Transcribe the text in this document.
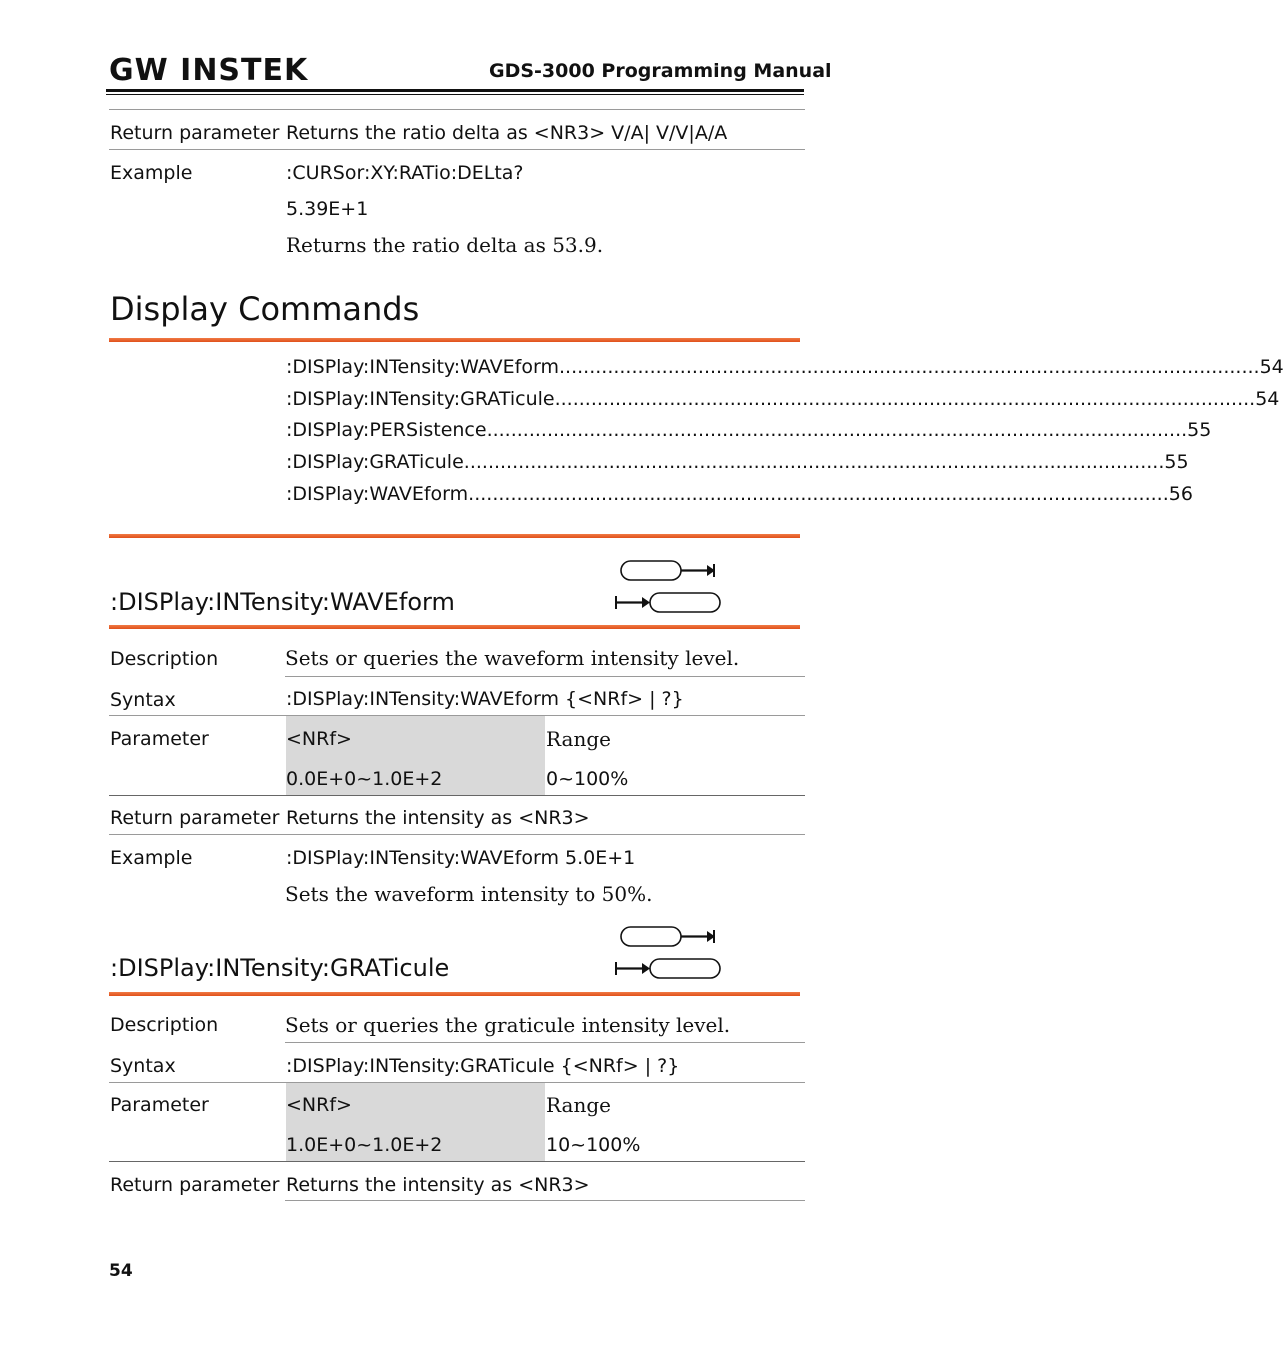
GW INSTEK	GDS-3000 Programming Manual
Return parameter Returns the ratio delta as <NR3> V/A| V/V|A/A
Example	:CURSor:XY:RATio:DELta?
5.39E+1
Returns the ratio delta as 53.9.
Display Commands
:DISPlay:INTensity:WAVEform .....	54
:DISPlay:INTensity:GRATicule .....	54
:DISPlay:PERSistence .....	55
:DISPlay:GRATicule .....	55
:DISPlay:WAVEform .....	56
:DISPlay:INTensity:WAVEform
Description	Sets or queries the waveform intensity level.
Syntax	:DISPlay:INTensity:WAVEform {<NRf> | ?}
Parameter	<NRf>	Range
0.0E+0~1.0E+2	0~100%
Return parameter Returns the intensity as <NR3>
Example	:DISPlay:INTensity:WAVEform 5.0E+1
Sets the waveform intensity to 50%.
:DISPlay:INTensity:GRATicule
Description	Sets or queries the graticule intensity level.
Syntax	:DISPlay:INTensity:GRATicule {<NRf> | ?}
Parameter	<NRf>	Range
1.0E+0~1.0E+2	10~100%
Return parameter Returns the intensity as <NR3>
54
